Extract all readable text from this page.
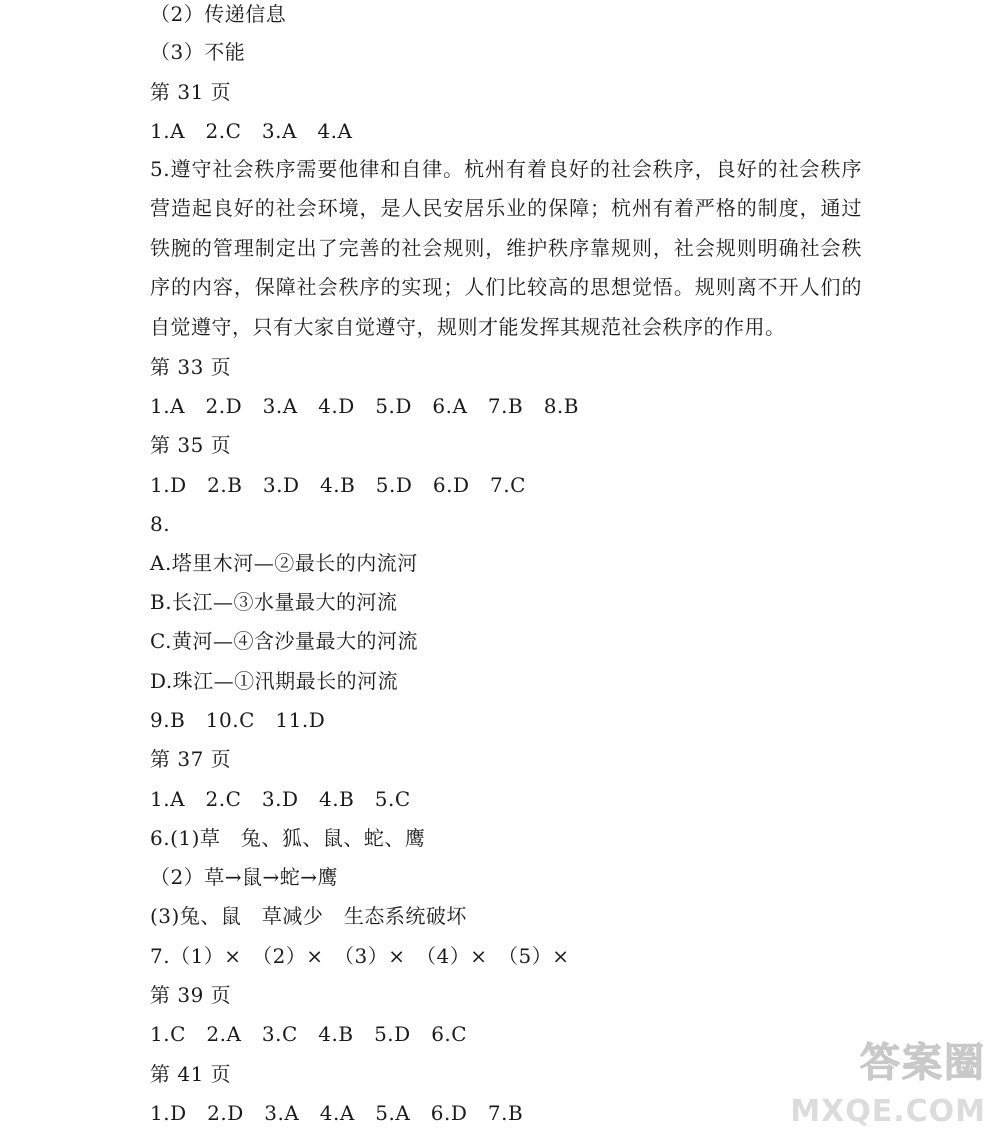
（2）传递信息
（3）不能
第 31 页
1.A　2.C　3.A　4.A
5.遵守社会秩序需要他律和自律。杭州有着良好的社会秩序，良好的社会秩序营造起良好的社会环境，是人民安居乐业的保障；杭州有着严格的制度，通过铁腕的管理制定出了完善的社会规则，维护秩序靠规则，社会规则明确社会秩序的内容，保障社会秩序的实现；人们比较高的思想觉悟。规则离不开人们的自觉遵守，只有大家自觉遵守，规则才能发挥其规范社会秩序的作用。
第 33 页
1.A　2.D　3.A　4.D　5.D　6.A　7.B　8.B
第 35 页
1.D　2.B　3.D　4.B　5.D　6.D　7.C
8.
A.塔里木河—②最长的内流河
B.长江—③水量最大的河流
C.黄河—④含沙量最大的河流
D.珠江—①汛期最长的河流
9.B　10.C　11.D
第 37 页
1.A　2.C　3.D　4.B　5.C
6.(1)草　兔、狐、鼠、蛇、鹰
（2）草→鼠→蛇→鹰
(3)兔、鼠　草减少　生态系统破坏
7.（1）×　（2）×　（3）×　（4）×　（5）×
第 39 页
1.C　2.A　3.C　4.B　5.D　6.C
第 41 页
1.D　2.D　3.A　4.A　5.A　6.D　7.B
答案圈
MXQE.COM
